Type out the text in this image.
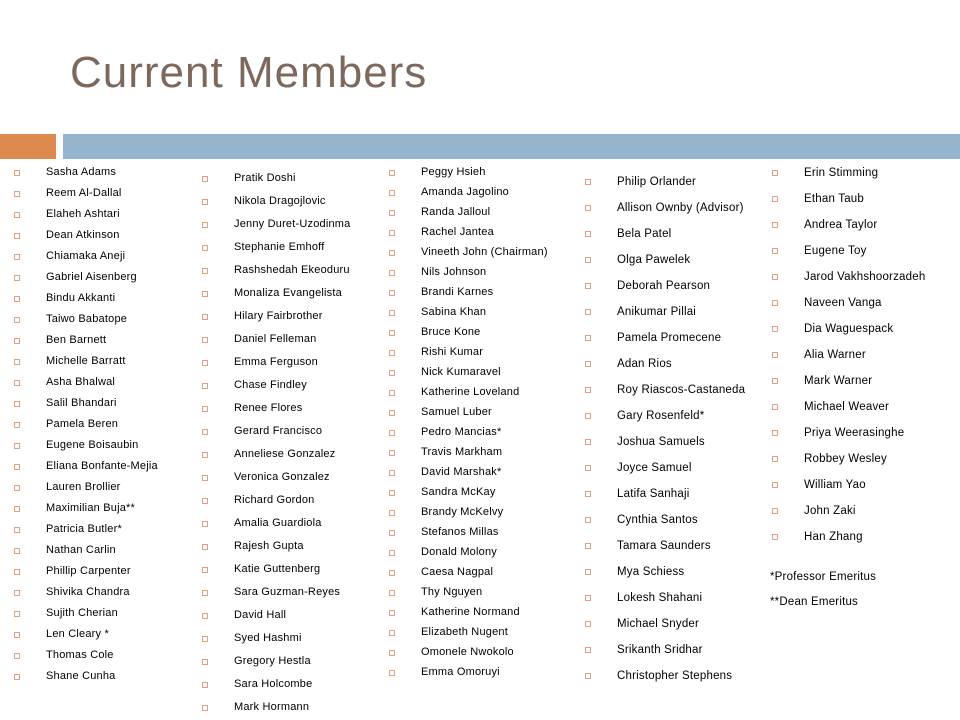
Current Members
Sasha Adams
Reem Al-Dallal
Elaheh Ashtari
Dean Atkinson
Chiamaka Aneji
Gabriel Aisenberg
Bindu Akkanti
Taiwo Babatope
Ben Barnett
Michelle Barratt
Asha Bhalwal
Salil Bhandari
Pamela Beren
Eugene Boisaubin
Eliana Bonfante-Mejia
Lauren Brollier
Maximilian Buja**
Patricia Butler*
Nathan Carlin
Phillip Carpenter
Shivika Chandra
Sujith Cherian
Len Cleary *
Thomas Cole
Shane Cunha
Pratik Doshi
Nikola Dragojlovic
Jenny Duret-Uzodinma
Stephanie Emhoff
Rashshedah Ekeoduru
Monaliza Evangelista
Hilary Fairbrother
Daniel Felleman
Emma Ferguson
Chase Findley
Renee Flores
Gerard Francisco
Anneliese Gonzalez
Veronica Gonzalez
Richard Gordon
Amalia Guardiola
Rajesh Gupta
Katie Guttenberg
Sara Guzman-Reyes
David Hall
Syed Hashmi
Gregory Hestla
Sara Holcombe
Mark Hormann
Peggy Hsieh
Amanda Jagolino
Randa Jalloul
Rachel Jantea
Vineeth John (Chairman)
Nils Johnson
Brandi Karnes
Sabina Khan
Bruce Kone
Rishi Kumar
Nick Kumaravel
Katherine Loveland
Samuel Luber
Pedro Mancias*
Travis Markham
David Marshak*
Sandra McKay
Brandy McKelvy
Stefanos Millas
Donald Molony
Caesa Nagpal
Thy Nguyen
Katherine Normand
Elizabeth Nugent
Omonele Nwokolo
Emma Omoruyi
Philip Orlander
Allison Ownby (Advisor)
Bela Patel
Olga Pawelek
Deborah Pearson
Anikumar Pillai
Pamela Promecene
Adan Rios
Roy Riascos-Castaneda
Gary Rosenfeld*
Joshua Samuels
Joyce Samuel
Latifa Sanhaji
Cynthia Santos
Tamara Saunders
Mya Schiess
Lokesh Shahani
Michael Snyder
Srikanth Sridhar
Christopher Stephens
Erin Stimming
Ethan Taub
Andrea Taylor
Eugene Toy
Jarod Vakhshoorzadeh
Naveen Vanga
Dia Waguespack
Alia Warner
Mark Warner
Michael Weaver
Priya Weerasinghe
Robbey Wesley
William Yao
John Zaki
Han Zhang
*Professor Emeritus
**Dean Emeritus
